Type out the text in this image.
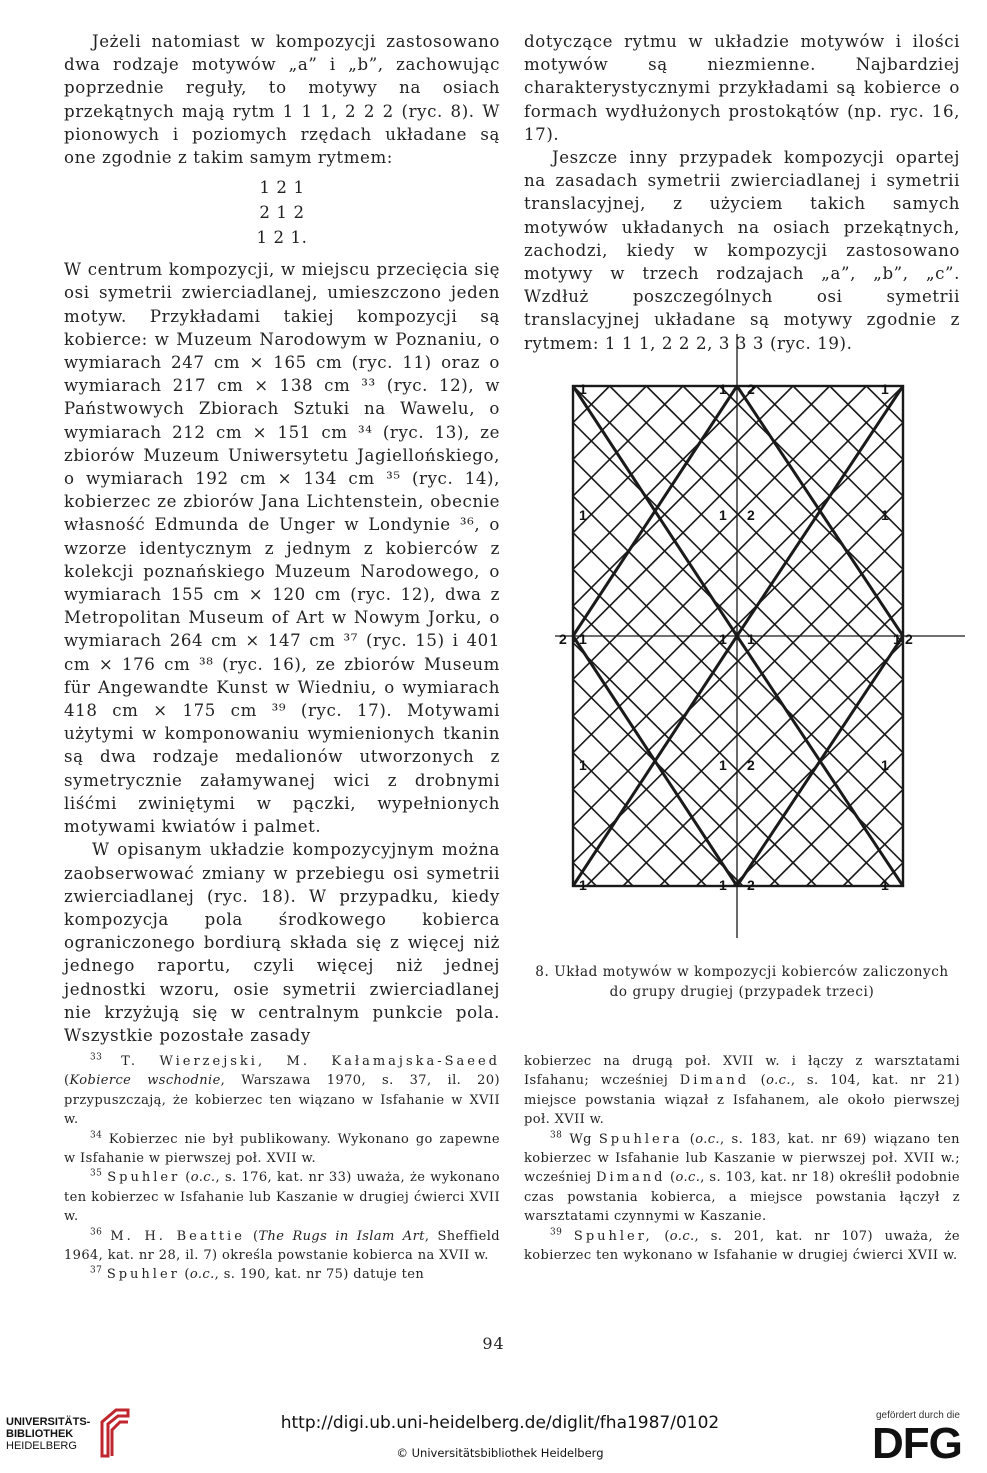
Jeżeli natomiast w kompozycji zastosowano dwa rodzaje motywów „a” i „b”, zachowując poprzednie reguły, to motywy na osiach przekątnych mają rytm 1 1 1, 2 2 2 (ryc. 8). W pionowych i poziomych rzędach układane są one zgodnie z takim samym rytmem:

1 2 1
2 1 2
1 2 1.

W centrum kompozycji, w miejscu przecięcia się osi symetrii zwierciadlanej, umieszczono jeden motyw. Przykładami takiej kompozycji są kobierce: w Muzeum Narodowym w Poznaniu, o wymiarach 247 cm × 165 cm (ryc. 11) oraz o wymiarach 217 cm × 138 cm ³³ (ryc. 12), w Państwowych Zbiorach Sztuki na Wawelu, o wymiarach 212 cm × 151 cm ³⁴ (ryc. 13), ze zbiorów Muzeum Uniwersytetu Jagiellońskiego, o wymiarach 192 cm × 134 cm ³⁵ (ryc. 14), kobierzec ze zbiorów Jana Lichtenstein, obecnie własność Edmunda de Unger w Londynie ³⁶, o wzorze identycznym z jednym z kobierców z kolekcji poznańskiego Muzeum Narodowego, o wymiarach 155 cm × 120 cm (ryc. 12), dwa z Metropolitan Museum of Art w Nowym Jorku, o wymiarach 264 cm × 147 cm ³⁷ (ryc. 15) i 401 cm × 176 cm ³⁸ (ryc. 16), ze zbiorów Museum für Angewandte Kunst w Wiedniu, o wymiarach 418 cm × 175 cm ³⁹ (ryc. 17). Motywami użytymi w komponowaniu wymienionych tkanin są dwa rodzaje medalionów utworzonych z symetrycznie załamywanej wici z drobnymi liśćmi zwiniętymi w pączki, wypełnionych motywami kwiatów i palmet.

W opisanym układzie kompozycyjnym można zaobserwować zmiany w przebiegu osi symetrii zwierciadlanej (ryc. 18). W przypadku, kiedy kompozycja pola środkowego kobierca ograniczonego bordiurą składa się z więcej niż jednego raportu, czyli więcej niż jednej jednostki wzoru, osie symetrii zwierciadlanej nie krzyżują się w centralnym punkcie pola. Wszystkie pozostałe zasady

dotyczące rytmu w układzie motywów i ilości motywów są niezmienne. Najbardziej charakterystycznymi przykładami są kobierce o formach wydłużonych prostokątów (np. ryc. 16, 17).

Jeszcze inny przypadek kompozycji opartej na zasadach symetrii zwierciadlanej i symetrii translacyjnej, z użyciem takich samych motywów układanych na osiach przekątnych, zachodzi, kiedy w kompozycji zastosowano motywy w trzech rodzajach „a”, „b”, „c”. Wzdłuż poszczególnych osi symetrii translacyjnej układane są motywy zgodnie z rytmem: 1 1 1, 2 2 2, 3 3 3 (ryc. 19).

1	1 2	1
1	1 2	1
2 1	1 1	1 2
1	1 2	1
1	1 2	1
8. Układ motywów w kompozycji kobierców zaliczonych
do grupy drugiej (przypadek trzeci)

$^{33}$ T. Wierzejski, M. Kałamajska-Saeed (Kobierce wschodnie, Warszawa 1970, s. 37, il. 20) przypuszczają, że kobierzec ten wiązano w Isfahanie w XVII w.

$^{34}$ Kobierzec nie był publikowany. Wykonano go zapewne w Isfahanie w pierwszej poł. XVII w.

$^{35}$ Spuhler (o.c., s. 176, kat. nr 33) uważa, że wykonano ten kobierzec w Isfahanie lub Kaszanie w drugiej ćwierci XVII w.

$^{36}$ M. H. Beattie (The Rugs in Islam Art, Sheffield 1964, kat. nr 28, il. 7) określa powstanie kobierca na XVII w.

$^{37}$ Spuhler (o.c., s. 190, kat. nr 75) datuje ten

kobierzec na drugą poł. XVII w. i łączy z warsztatami Isfahanu; wcześniej Dimand (o.c., s. 104, kat. nr 21) miejsce powstania wiązał z Isfahanem, ale około pierwszej poł. XVII w.

$^{38}$ Wg Spuhlera (o.c., s. 183, kat. nr 69) wiązano ten kobierzec w Isfahanie lub Kaszanie w pierwszej poł. XVII w.; wcześniej Dimand (o.c., s. 103, kat. nr 18) określił podobnie czas powstania kobierca, a miejsce powstania łączył z warsztatami czynnymi w Kaszanie.

$^{39}$ Spuhler, (o.c., s. 201, kat. nr 107) uważa, że kobierzec ten wykonano w Isfahanie w drugiej ćwierci XVII w.

94
UNIVERSITÄTS-
BIBLIOTHEK
HEIDELBERG
http://digi.ub.uni-heidelberg.de/diglit/fha1987/0102
© Universitätsbibliothek Heidelberg
gefördert durch die
DFG
